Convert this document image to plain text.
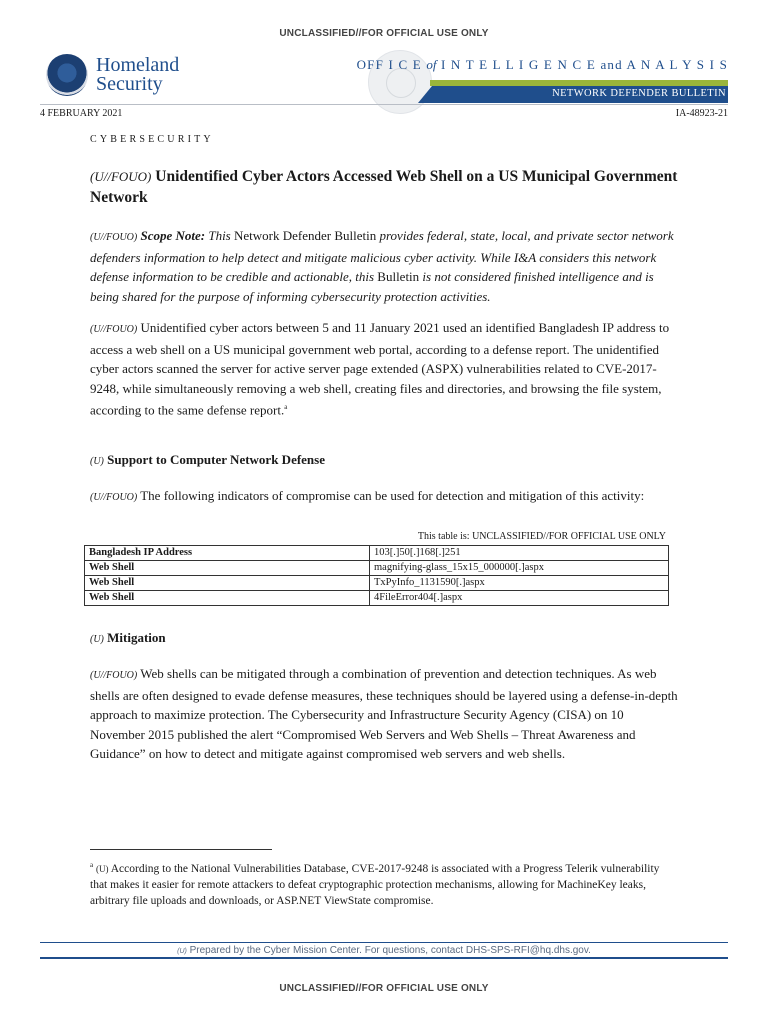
UNCLASSIFIED//FOR OFFICIAL USE ONLY
Homeland
Security
OFF I C E of I N T E L L I G E N C E and A N A L Y S I S
NETWORK DEFENDER BULLETIN
4 FEBRUARY 2021	IA-48923-21
CYBERSECURITY
(U//FOUO) Unidentified Cyber Actors Accessed Web Shell on a US Municipal Government Network
(U//FOUO) Scope Note: This Network Defender Bulletin provides federal, state, local, and private sector network defenders information to help detect and mitigate malicious cyber activity. While I&A considers this network defense information to be credible and actionable, this Bulletin is not considered finished intelligence and is being shared for the purpose of informing cybersecurity protection activities.
(U//FOUO) Unidentified cyber actors between 5 and 11 January 2021 used an identified Bangladesh IP address to access a web shell on a US municipal government web portal, according to a defense report. The unidentified cyber actors scanned the server for active server page extended (ASPX) vulnerabilities related to CVE-2017-9248, while simultaneously removing a web shell, creating files and directories, and browsing the file system, according to the same defense report.$^a$
(U) Support to Computer Network Defense
(U//FOUO) The following indicators of compromise can be used for detection and mitigation of this activity:
This table is: UNCLASSIFIED//FOR OFFICIAL USE ONLY
Bangladesh IP Address	103[.]50[.]168[.]251
Web Shell	magnifying-glass_15x15_000000[.]aspx
Web Shell	TxPyInfo_1131590[.]aspx
Web Shell	4FileError404[.]aspx
(U) Mitigation
(U//FOUO) Web shells can be mitigated through a combination of prevention and detection techniques. As web shells are often designed to evade defense measures, these techniques should be layered using a defense-in-depth approach to maximize protection. The Cybersecurity and Infrastructure Security Agency (CISA) on 10 November 2015 published the alert “Compromised Web Servers and Web Shells – Threat Awareness and Guidance” on how to detect and mitigate against compromised web servers and web shells.
$^a$ (U) According to the National Vulnerabilities Database, CVE-2017-9248 is associated with a Progress Telerik vulnerability that makes it easier for remote attackers to defeat cryptographic protection mechanisms, allowing for MachineKey leaks, arbitrary file uploads and downloads, or ASP.NET ViewState compromise.
(U) Prepared by the Cyber Mission Center. For questions, contact DHS-SPS-RFI@hq.dhs.gov.
UNCLASSIFIED//FOR OFFICIAL USE ONLY
